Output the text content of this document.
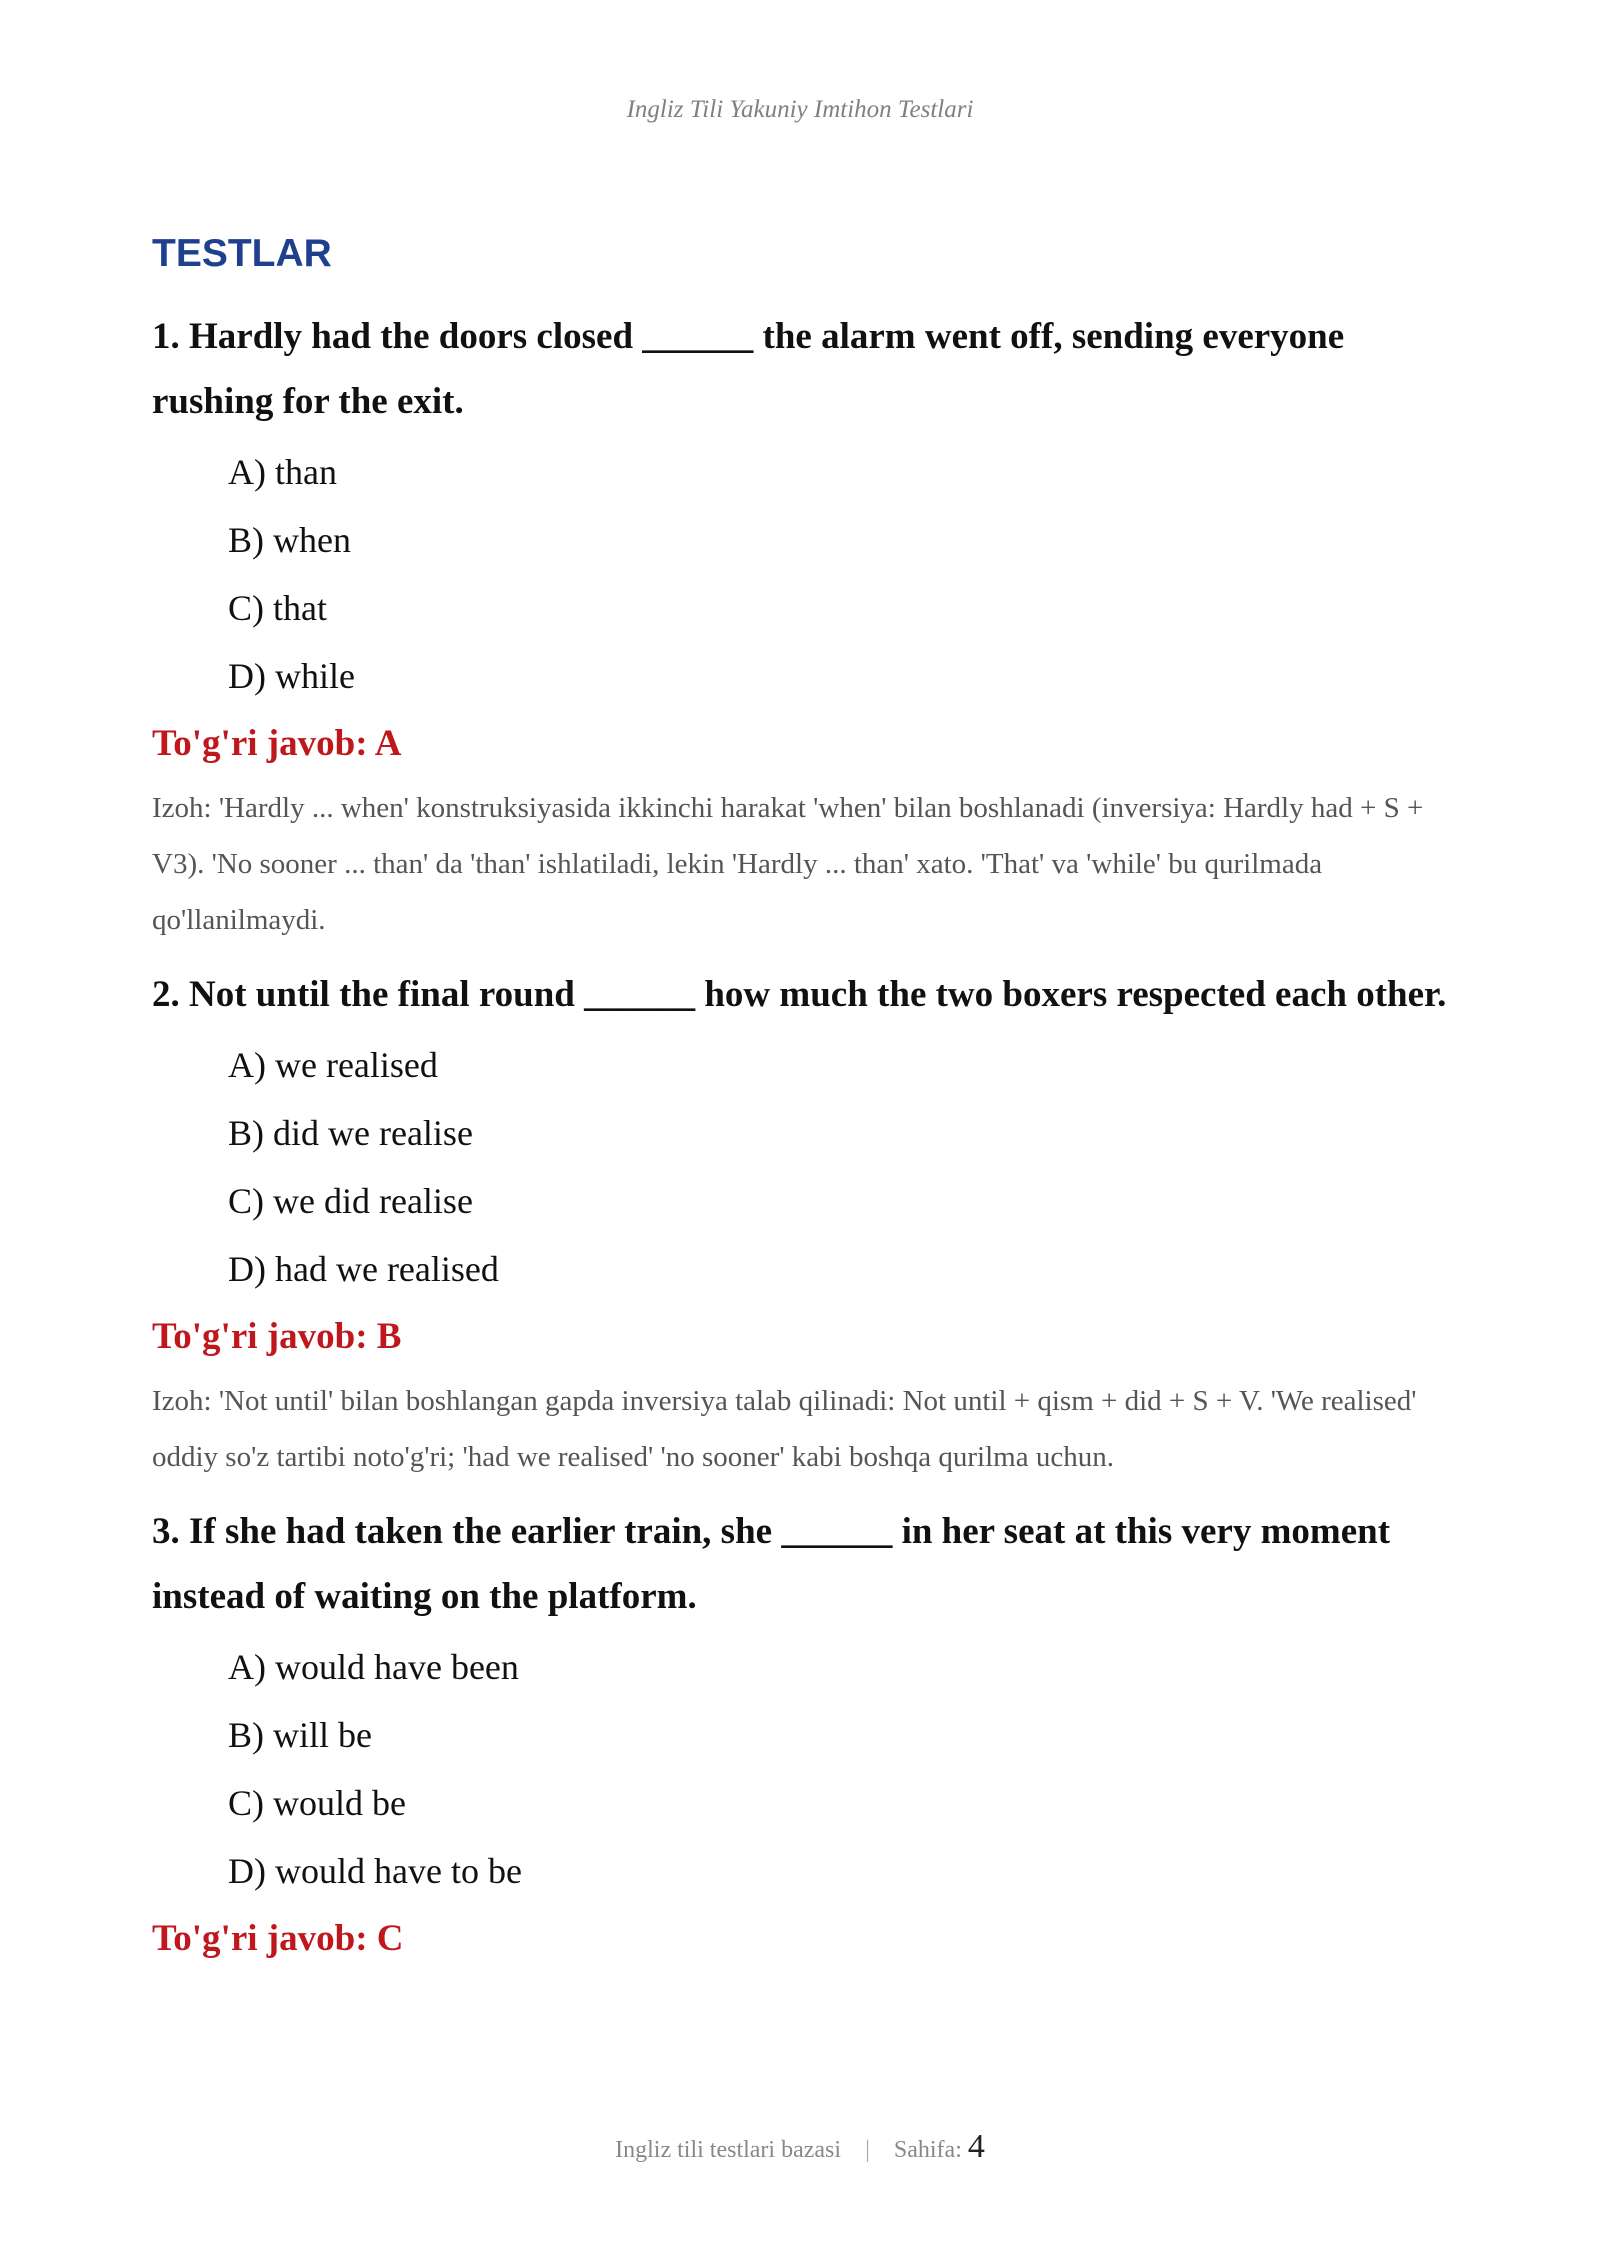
Ingliz Tili Yakuniy Imtihon Testlari
TESTLAR

1. Hardly had the doors closed ______ the alarm went off, sending everyone rushing for the exit.

A) than
B) when
C) that
D) while

To'g'ri javob: A

Izoh: 'Hardly ... when' konstruksiyasida ikkinchi harakat 'when' bilan boshlanadi (inversiya: Hardly had + S + V3). 'No sooner ... than' da 'than' ishlatiladi, lekin 'Hardly ... than' xato. 'That' va 'while' bu qurilmada qo'llanilmaydi.

2. Not until the final round ______ how much the two boxers respected each other.

A) we realised
B) did we realise
C) we did realise
D) had we realised

To'g'ri javob: B

Izoh: 'Not until' bilan boshlangan gapda inversiya talab qilinadi: Not until + qism + did + S + V. 'We realised' oddiy so'z tartibi noto'g'ri; 'had we realised' 'no sooner' kabi boshqa qurilma uchun.

3. If she had taken the earlier train, she ______ in her seat at this very moment instead of waiting on the platform.

A) would have been
B) will be
C) would be
D) would have to be

To'g'ri javob: C

Ingliz tili testlari bazasi | Sahifa: 4
